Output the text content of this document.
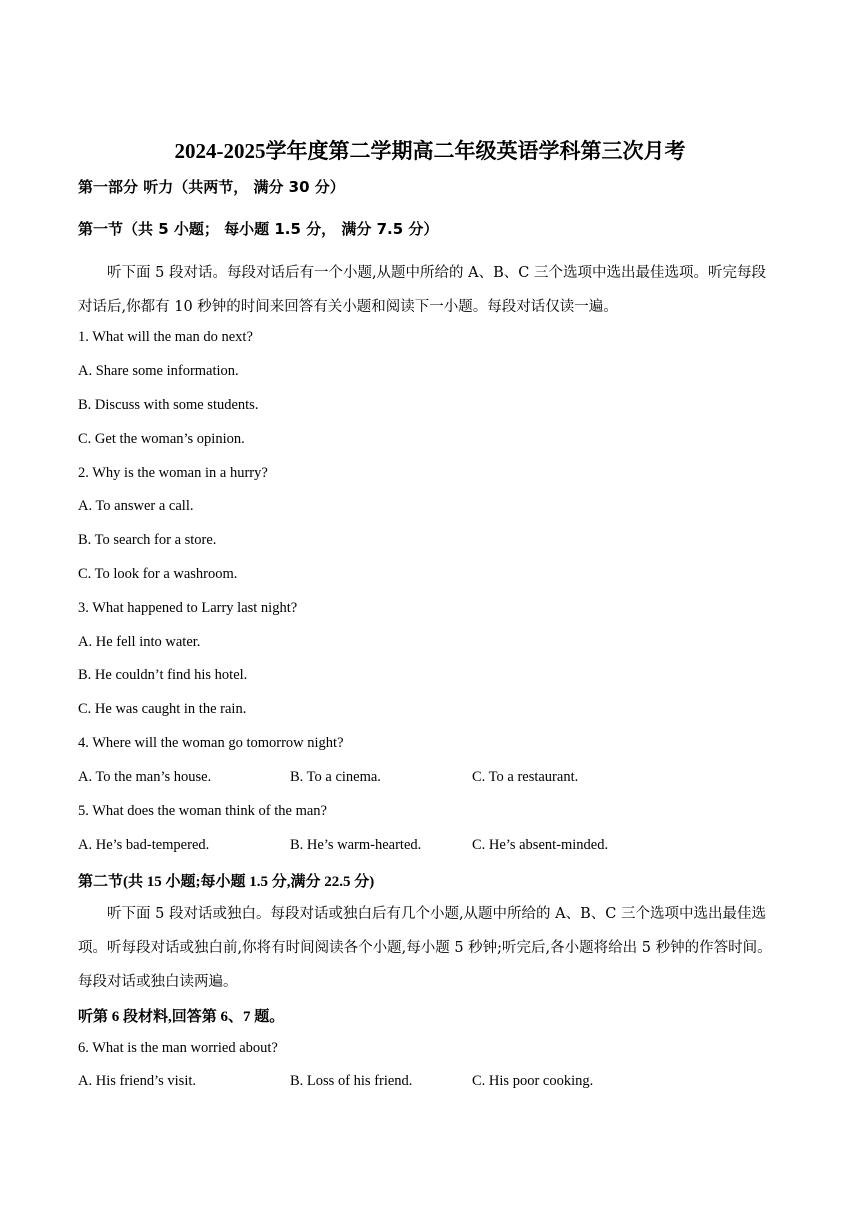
2024-2025学年度第二学期高二年级英语学科第三次月考
第一部分 听力（共两节， 满分 30 分）
第一节（共 5 小题； 每小题 1.5 分， 满分 7.5 分）
听下面 5 段对话。每段对话后有一个小题,从题中所给的 A、B、C 三个选项中选出最佳选项。听完每段
对话后,你都有 10 秒钟的时间来回答有关小题和阅读下一小题。每段对话仅读一遍。
1. What will the man do next?
A. Share some information.
B. Discuss with some students.
C. Get the woman’s opinion.
2. Why is the woman in a hurry?
A. To answer a call.
B. To search for a store.
C. To look for a washroom.
3. What happened to Larry last night?
A. He fell into water.
B. He couldn’t find his hotel.
C. He was caught in the rain.
4. Where will the woman go tomorrow night?
A. To the man’s house.	B. To a cinema.	C. To a restaurant.
5. What does the woman think of the man?
A. He’s bad-tempered.	B. He’s warm-hearted.	C. He’s absent-minded.
第二节(共 15 小题;每小题 1.5 分,满分 22.5 分)
听下面 5 段对话或独白。每段对话或独白后有几个小题,从题中所给的 A、B、C 三个选项中选出最佳选
项。听每段对话或独白前,你将有时间阅读各个小题,每小题 5 秒钟;听完后,各小题将给出 5 秒钟的作答时间。
每段对话或独白读两遍。
听第 6 段材料,回答第 6、7 题。
6. What is the man worried about?
A. His friend’s visit.	B. Loss of his friend.	C. His poor cooking.
